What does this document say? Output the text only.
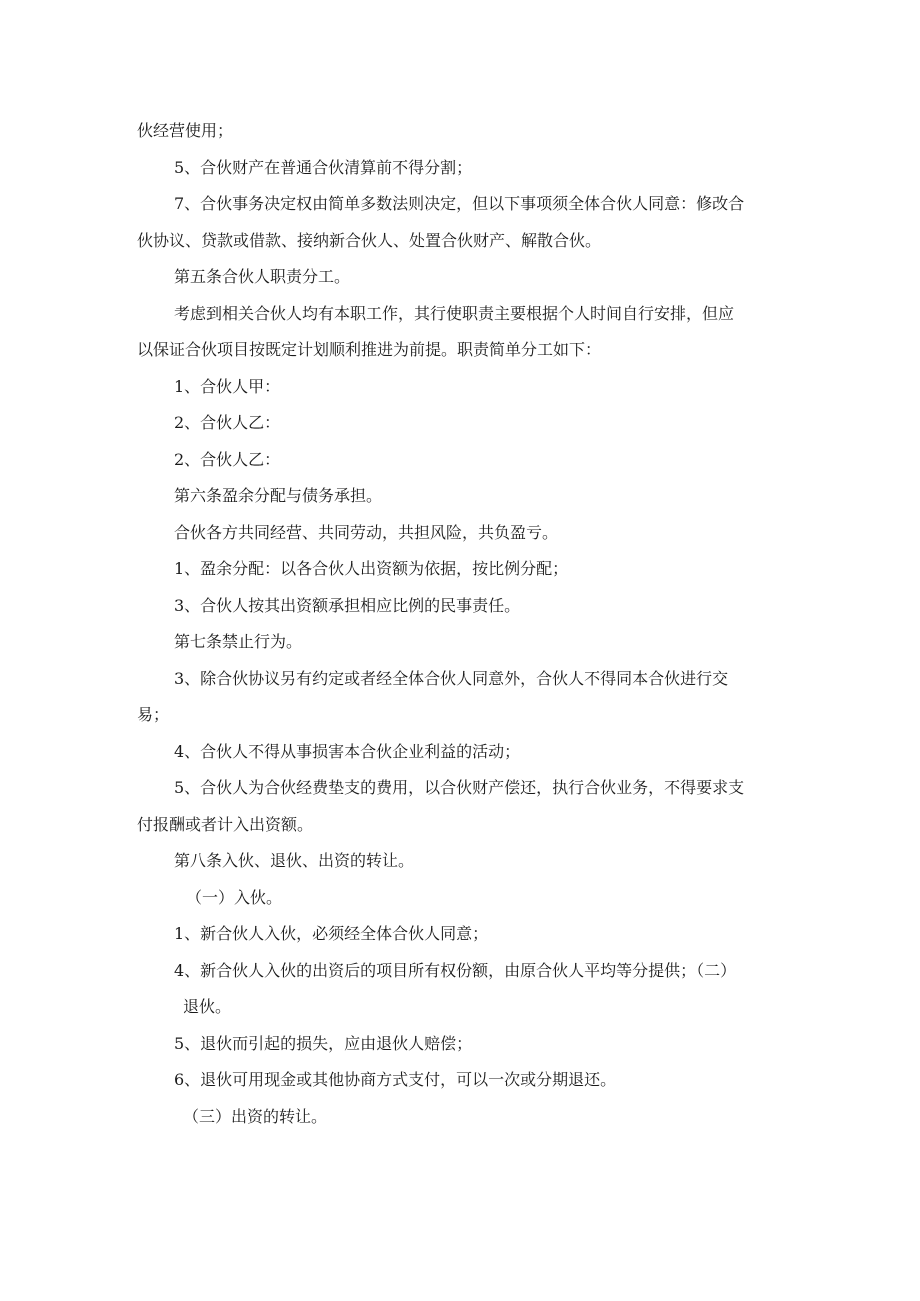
伙经营使用；

5、合伙财产在普通合伙清算前不得分割；

7、合伙事务决定权由简单多数法则决定，但以下事项须全体合伙人同意：修改合

伙协议、贷款或借款、接纳新合伙人、处置合伙财产、解散合伙。

第五条合伙人职责分工。

考虑到相关合伙人均有本职工作，其行使职责主要根据个人时间自行安排，但应

以保证合伙项目按既定计划顺利推进为前提。职责简单分工如下：

1、合伙人甲：

2、合伙人乙：

2、合伙人乙：

第六条盈余分配与债务承担。

合伙各方共同经营、共同劳动，共担风险，共负盈亏。

1、盈余分配：以各合伙人出资额为依据，按比例分配；

3、合伙人按其出资额承担相应比例的民事责任。

第七条禁止行为。

3、除合伙协议另有约定或者经全体合伙人同意外，合伙人不得同本合伙进行交

易；

4、合伙人不得从事损害本合伙企业利益的活动；

5、合伙人为合伙经费垫支的费用，以合伙财产偿还，执行合伙业务，不得要求支

付报酬或者计入出资额。

第八条入伙、退伙、出资的转让。

（一）入伙。

1、新合伙人入伙，必须经全体合伙人同意；

4、新合伙人入伙的出资后的项目所有权份额，由原合伙人平均等分提供；（二）

退伙。

5、退伙而引起的损失，应由退伙人赔偿；

6、退伙可用现金或其他协商方式支付，可以一次或分期退还。

（三）出资的转让。
